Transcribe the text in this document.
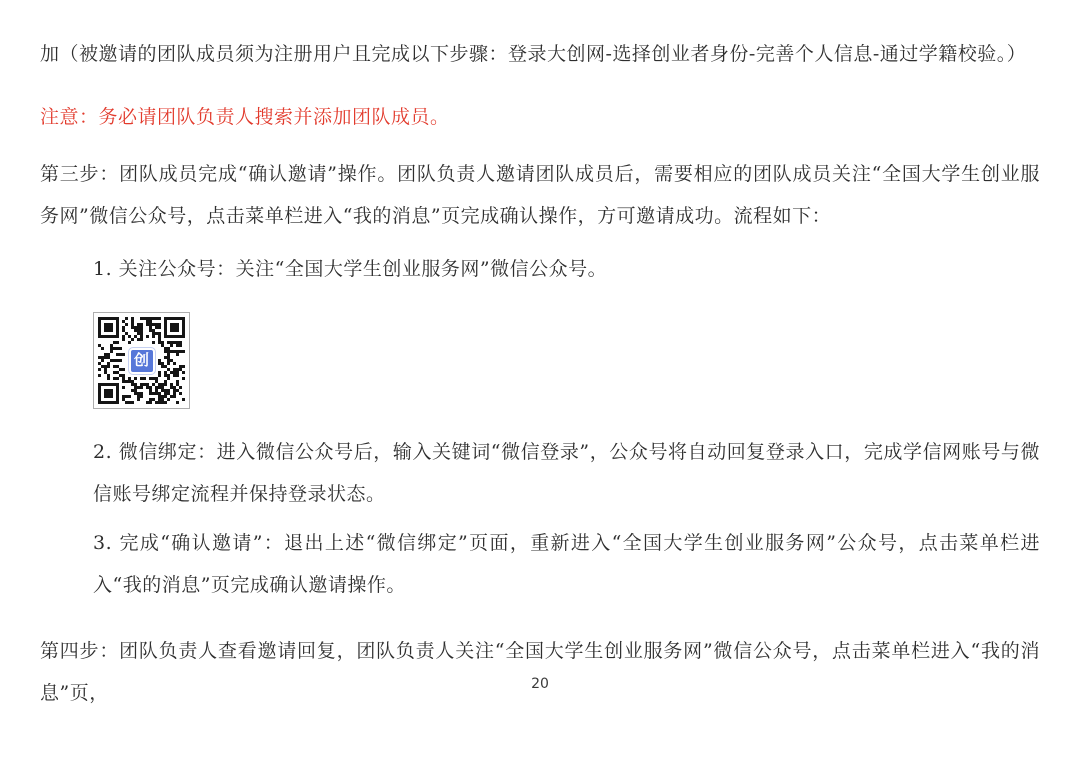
加（被邀请的团队成员须为注册用户且完成以下步骤：登录大创网-选择创业者身份-完善个人信息-通过学籍校验。）

注意：务必请团队负责人搜索并添加团队成员。

第三步：团队成员完成“确认邀请”操作。团队负责人邀请团队成员后，需要相应的团队成员关注“全国大学生创业服务网”微信公众号，点击菜单栏进入“我的消息”页完成确认操作，方可邀请成功。流程如下：

1. 关注公众号：关注“全国大学生创业服务网”微信公众号。

创

2. 微信绑定：进入微信公众号后，输入关键词“微信登录”，公众号将自动回复登录入口，完成学信网账号与微信账号绑定流程并保持登录状态。

3. 完成“确认邀请”：退出上述“微信绑定”页面，重新进入“全国大学生创业服务网”公众号，点击菜单栏进入“我的消息”页完成确认邀请操作。

第四步：团队负责人查看邀请回复，团队负责人关注“全国大学生创业服务网”微信公众号，点击菜单栏进入“我的消息”页，	20
